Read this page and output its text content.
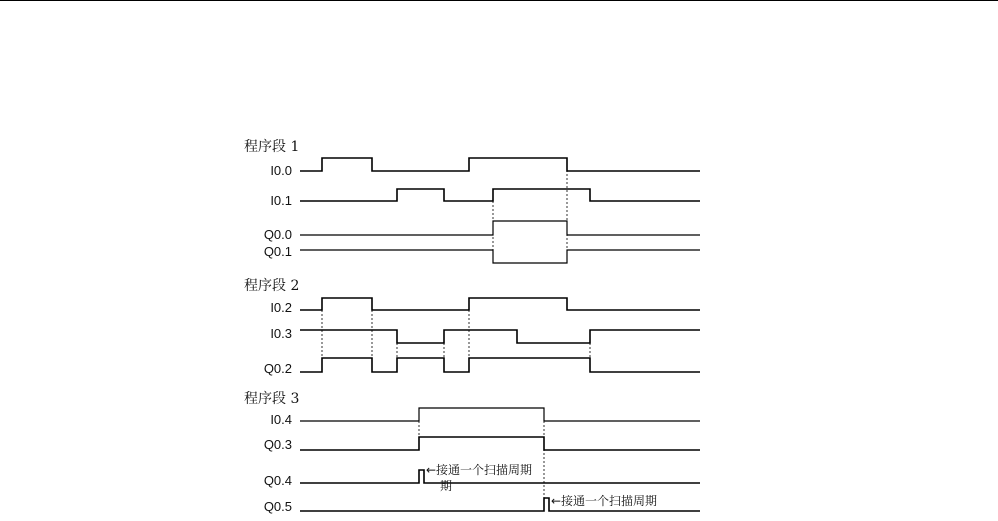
程序段 1
I0.0
I0.1
Q0.0
Q0.1
程序段 2
I0.2
I0.3
Q0.2
程序段 3
I0.4
Q0.3
Q0.4
Q0.5
←接通一个扫描周期
期
←接通一个扫描周期
